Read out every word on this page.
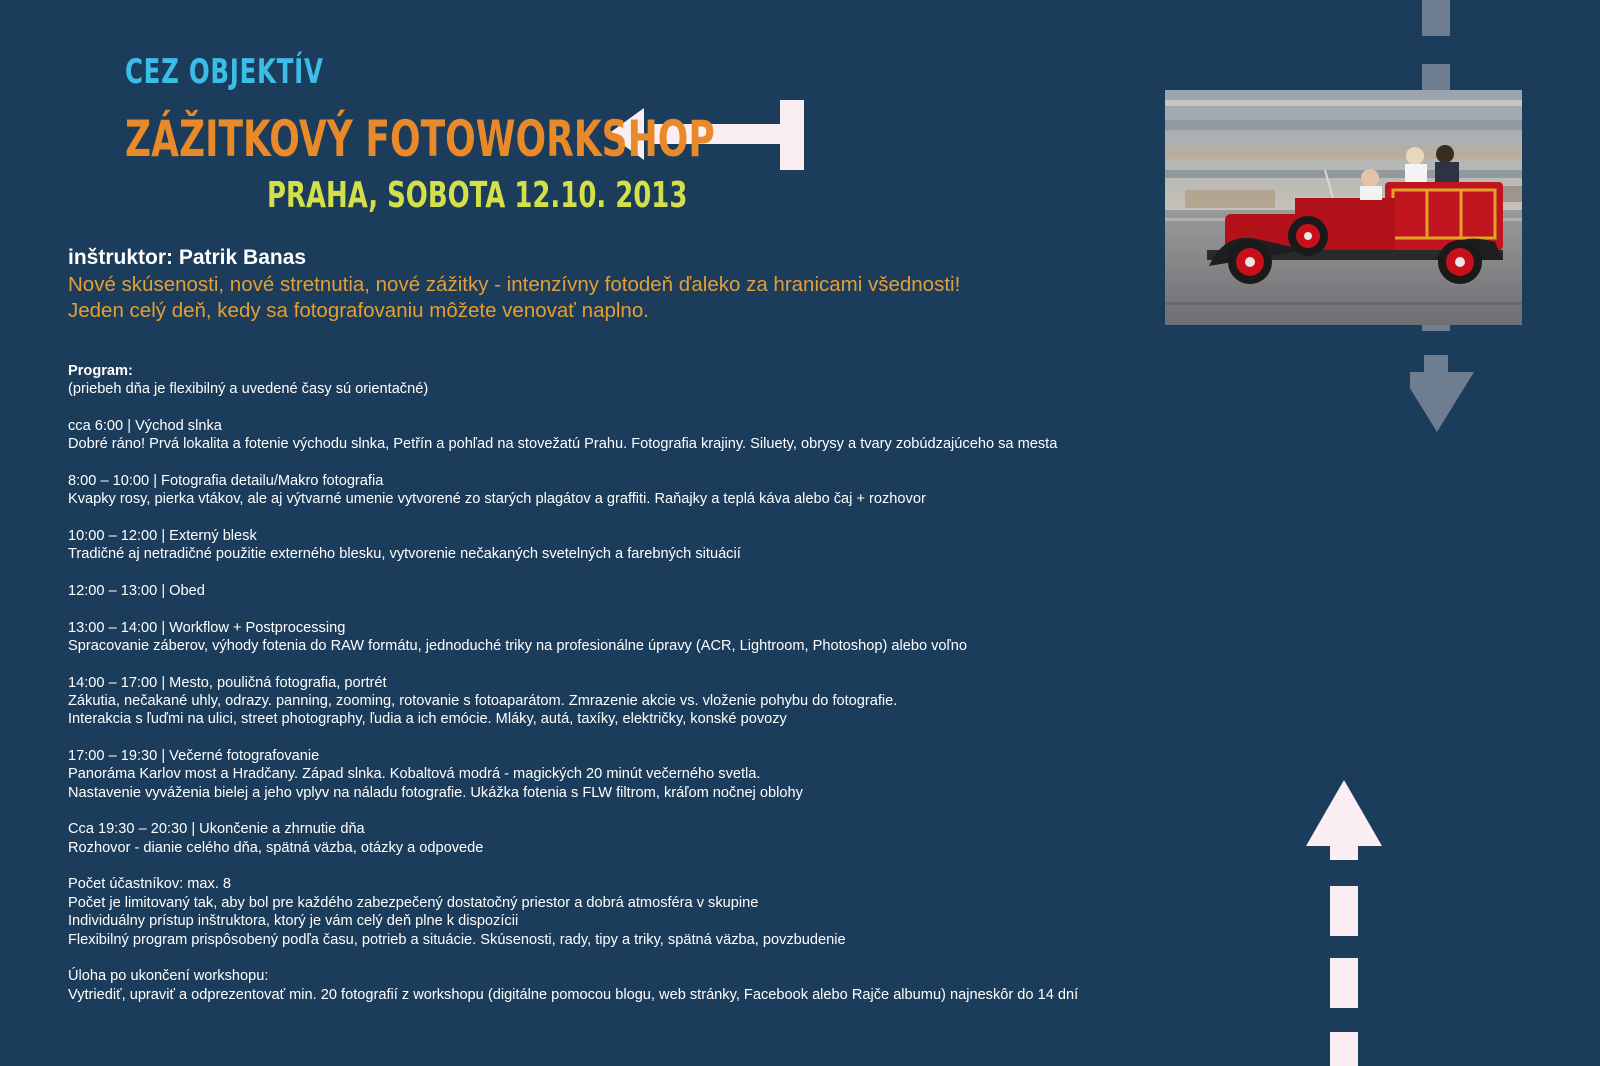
CEZ OBJEKTÍV
ZÁŽITKOVÝ FOTOWORKSHOP
PRAHA, SOBOTA 12.10. 2013
inštruktor: Patrik Banas
Nové skúsenosti, nové stretnutia, nové zážitky - intenzívny fotodeň ďaleko za hranicami všednosti!
Jeden celý deň, kedy sa fotografovaniu môžete venovať naplno.
Program:
(priebeh dňa je flexibilný a uvedené časy sú orientačné)
cca 6:00 | Východ slnka
Dobré ráno! Prvá lokalita a fotenie východu slnka, Petřín a pohľad na stovežatú Prahu. Fotografia krajiny. Siluety, obrysy a tvary zobúdzajúceho sa mesta
8:00 – 10:00 | Fotografia detailu/Makro fotografia
Kvapky rosy, pierka vtákov, ale aj výtvarné umenie vytvorené zo starých plagátov a graffiti. Raňajky a teplá káva alebo čaj + rozhovor
10:00 – 12:00 | Externý blesk
Tradičné aj netradičné použitie externého blesku, vytvorenie nečakaných svetelných a farebných situácií
12:00 – 13:00 | Obed
13:00 – 14:00 | Workflow + Postprocessing
Spracovanie záberov, výhody fotenia do RAW formátu, jednoduché triky na profesionálne úpravy (ACR, Lightroom, Photoshop) alebo voľno
14:00 – 17:00 | Mesto, pouličná fotografia, portrét
Zákutia, nečakané uhly, odrazy. panning, zooming, rotovanie s fotoaparátom. Zmrazenie akcie vs. vloženie pohybu do fotografie.
Interakcia s ľuďmi na ulici, street photography, ľudia a ich emócie. Mláky, autá, taxíky, električky, konské povozy
17:00 – 19:30 | Večerné fotografovanie
Panoráma Karlov most a Hradčany. Západ slnka. Kobaltová modrá - magických 20 minút večerného svetla.
Nastavenie vyváženia bielej a jeho vplyv na náladu fotografie. Ukážka fotenia s FLW filtrom, kráľom nočnej oblohy
Cca 19:30 – 20:30 | Ukončenie a zhrnutie dňa
Rozhovor - dianie celého dňa, spätná väzba, otázky a odpovede
Počet účastníkov: max. 8
Počet je limitovaný tak, aby bol pre každého zabezpečený dostatočný priestor a dobrá atmosféra v skupine
Individuálny prístup inštruktora, ktorý je vám celý deň plne k dispozícii
Flexibilný program prispôsobený podľa času, potrieb a situácie. Skúsenosti, rady, tipy a triky, spätná väzba, povzbudenie
Úloha po ukončení workshopu:
Vytriediť, upraviť a odprezentovať min. 20 fotografií z workshopu (digitálne pomocou blogu, web stránky, Facebook alebo Rajče albumu) najneskôr do 14 dní
